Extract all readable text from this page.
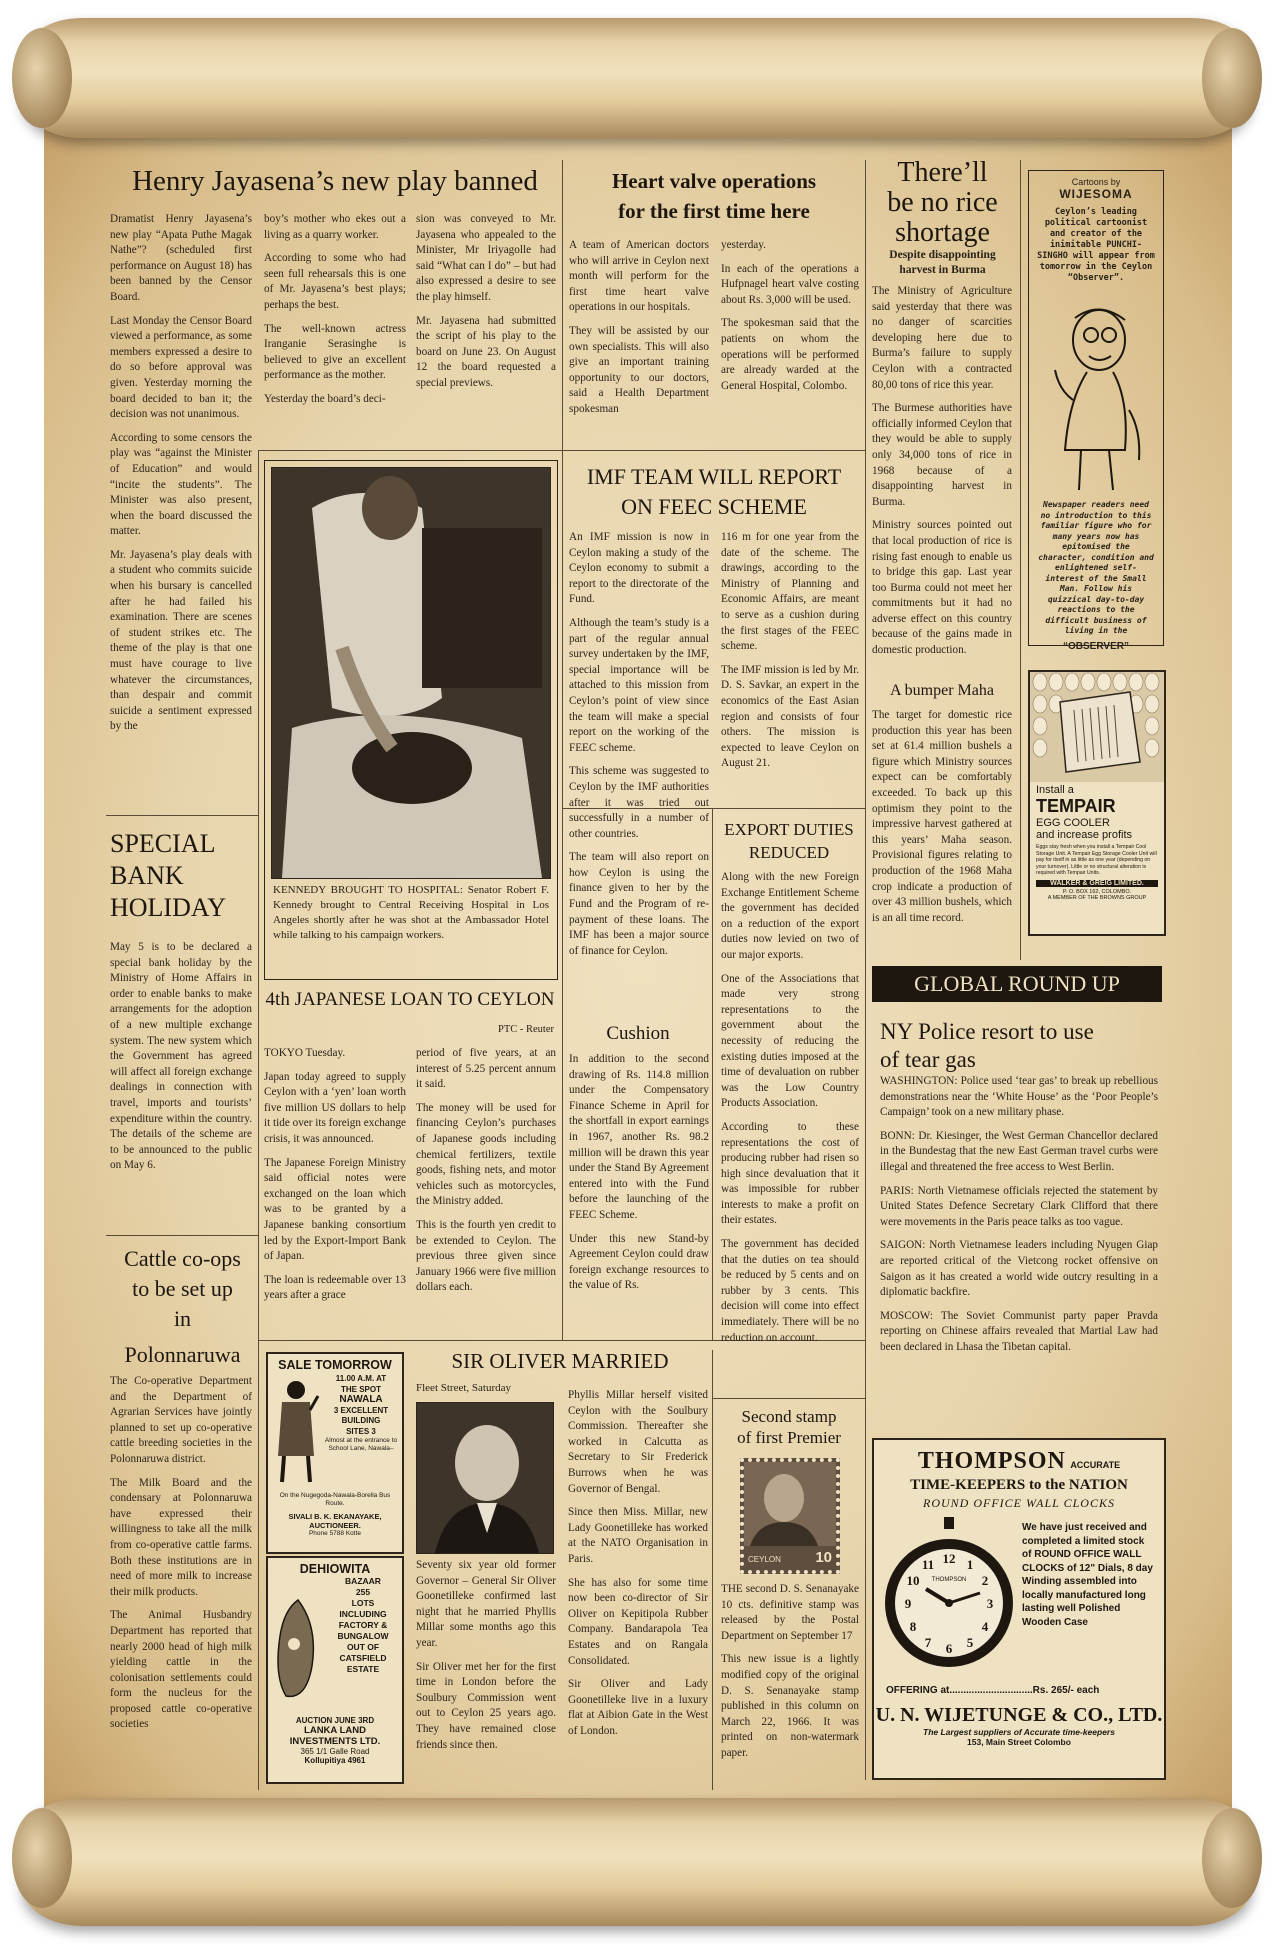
Henry Jayasena’s new play banned

Dramatist Henry Jayasena’s new play “Apata Puthe Magak Nathe”? (scheduled first performance on August 18) has been banned by the Censor Board.

Last Monday the Censor Board viewed a performance, as some members expressed a desire to do so before approval was given. Yesterday morning the board decided to ban it; the decision was not unanimous.

According to some censors the play was “against the Minister of Education” and would “incite the students”. The Minister was also present, when the board discussed the matter.

Mr. Jayasena’s play deals with a student who commits suicide when his bursary is cancelled after he had failed his examination. There are scenes of student strikes etc. The theme of the play is that one must have courage to live whatever the circumstances, than despair and commit suicide a sentiment expressed by the

boy’s mother who ekes out a living as a quarry worker.

According to some who had seen full rehearsals this is one of Mr. Jayasena’s best plays; perhaps the best.

The well-known actress Iranganie Serasinghe is believed to give an excellent performance as the mother.

Yesterday the board’s deci-

sion was conveyed to Mr. Jayasena who appealed to the Minister, Mr Iriyagolle had said “What can I do” – but had also expressed a desire to see the play himself.

Mr. Jayasena had submitted the script of his play to the board on June 23. On August 12 the board requested a special previews.

Heart valve operations
for the first time here

A team of American doctors who will arrive in Ceylon next month will perform for the first time heart valve operations in our hospitals.

They will be assisted by our own specialists. This will also give an important training opportunity to our doctors, said a Health Department spokesman

yesterday.

In each of the operations a Hufpnagel heart valve costing about Rs. 3,000 will be used.

The spokesman said that the patients on whom the operations will be performed are already warded at the General Hospital, Colombo.

There’ll
be no rice
shortage
Despite disappointing
harvest in Burma

The Ministry of Agriculture said yesterday that there was no danger of scarcities developing here due to Burma’s failure to supply Ceylon with a contracted 80,00 tons of rice this year.

The Burmese authorities have officially informed Ceylon that they would be able to supply only 34,000 tons of rice in 1968 because of a disappointing harvest in Burma.

Ministry sources pointed out that local production of rice is rising fast enough to enable us to bridge this gap. Last year too Burma could not meet her commitments but it had no adverse effect on this country because of the gains made in domestic production.

A bumper Maha

The target for domestic rice production this year has been set at 61.4 million bushels a figure which Ministry sources expect can be comfortably exceeded. To back up this optimism they point to the impressive harvest gathered at this years’ Maha season. Provisional figures relating to production of the 1968 Maha crop indicate a production of over 43 million bushels, which is an all time record.

Cartoons by
WIJESOMA
Ceylon’s leading political cartoonist and creator of the inimitable PUNCHI-SINGHO will appear from tomorrow in the Ceylon “Observer”.
Newspaper readers need no introduction to this familiar figure who for many years now has epitomised the character, condition and enlightened self-interest of the Small Man. Follow his quizzical day-to-day reactions to the difficult business of living in the
“OBSERVER”
Install a
TEMPAIR
EGG COOLER
and increase profits
Eggs stay fresh when you install a Tempair Cool Storage Unit. A Tempair Egg Storage Cooler Unit will pay for itself in as little as one year (depending on your turnover). Little or no structural alteration is required with Tempair Units.
WALKER & GREIG LIMITED.
P. O. BOX 162, COLOMBO.
A MEMBER OF THE BROWNS GROUP
KENNEDY BROUGHT TO HOSPITAL: Senator Robert F. Kennedy brought to Central Receiving Hospital in Los Angeles shortly after he was shot at the Ambassador Hotel while talking to his campaign workers.
IMF TEAM WILL REPORT
ON FEEC SCHEME

An IMF mission is now in Ceylon making a study of the Ceylon economy to submit a report to the directorate of the Fund.

Although the team’s study is a part of the regular annual survey undertaken by the IMF, special importance will be attached to this mission from Ceylon’s point of view since the team will make a special report on the working of the FEEC scheme.

This scheme was suggested to Ceylon by the IMF authorities after it was tried out successfully in a number of other countries.

The team will also report on how Ceylon is using the finance given to her by the Fund and the Program of re-payment of these loans. The IMF has been a major source of finance for Ceylon.

116 m for one year from the date of the scheme. The drawings, according to the Ministry of Planning and Economic Affairs, are meant to serve as a cushion during the first stages of the FEEC scheme.

The IMF mission is led by Mr. D. S. Savkar, an expert in the economics of the East Asian region and consists of four others. The mission is expected to leave Ceylon on August 21.

Cushion

In addition to the second drawing of Rs. 114.8 million under the Compensatory Finance Scheme in April for the shortfall in export earnings in 1967, another Rs. 98.2 million will be drawn this year under the Stand By Agreement entered into with the Fund before the launching of the FEEC Scheme.

Under this new Stand-by Agreement Ceylon could draw foreign exchange resources to the value of Rs.

EXPORT DUTIES
REDUCED

Along with the new Foreign Exchange Entitlement Scheme the government has decided on a reduction of the export duties now levied on two of our major exports.

One of the Associations that made very strong representations to the government about the necessity of reducing the existing duties imposed at the time of devaluation on rubber was the Low Country Products Association.

According to these representations the cost of producing rubber had risen so high since devaluation that it was impossible for rubber interests to make a profit on their estates.

The government has decided that the duties on tea should be reduced by 5 cents and on rubber by 3 cents. This decision will come into effect immediately. There will be no reduction on account.

SPECIAL
BANK
HOLIDAY

May 5 is to be declared a special bank holiday by the Ministry of Home Affairs in order to enable banks to make arrangements for the adoption of a new multiple exchange system. The new system which the Government has agreed will affect all foreign exchange dealings in connection with travel, imports and tourists’ expenditure within the country. The details of the scheme are to be announced to the public on May 6.

4th JAPANESE LOAN TO CEYLON
PTC - Reuter

TOKYO Tuesday.

Japan today agreed to supply Ceylon with a ‘yen’ loan worth five million US dollars to help it tide over its foreign exchange crisis, it was announced.

The Japanese Foreign Ministry said official notes were exchanged on the loan which was to be granted by a Japanese banking consortium led by the Export-Import Bank of Japan.

The loan is redeemable over 13 years after a grace

period of five years, at an interest of 5.25 percent annum it said.

The money will be used for financing Ceylon’s purchases of Japanese goods including chemical fertilizers, textile goods, fishing nets, and motor vehicles such as motorcycles, the Ministry added.

This is the fourth yen credit to be extended to Ceylon. The previous three given since January 1966 were five million dollars each.

GLOBAL ROUND UP
NY Police resort to use
of tear gas

WASHINGTON: Police used ‘tear gas’ to break up rebellious demonstrations near the ‘White House’ as the ‘Poor People’s Campaign’ took on a new military phase.

BONN: Dr. Kiesinger, the West German Chancellor declared in the Bundestag that the new East German travel curbs were illegal and threatened the free access to West Berlin.

PARIS: North Vietnamese officials rejected the statement by United States Defence Secretary Clark Clifford that there were movements in the Paris peace talks as too vague.

SAIGON: North Vietnamese leaders including Nyugen Giap are reported critical of the Vietcong rocket offensive on Saigon as it has created a world wide outcry resulting in a diplomatic backfire.

MOSCOW: The Soviet Communist party paper Pravda reporting on Chinese affairs revealed that Martial Law had been declared in Lhasa the Tibetan capital.

Cattle co-ops
to be set up
in
Polonnaruwa

The Co-operative Department and the Department of Agrarian Services have jointly planned to set up co-operative cattle breeding societies in the Polonnaruwa district.

The Milk Board and the condensary at Polonnaruwa have expressed their willingness to take all the milk from co-operative cattle farms. Both these institutions are in need of more milk to increase their milk products.

The Animal Husbandry Department has reported that nearly 2000 head of high milk yielding cattle in the colonisation settlements could form the nucleus for the proposed cattle co-operative societies

SALE TOMORROW
11.00 A.M. AT
THE SPOT
NAWALA
3 EXCELLENT
BUILDING
SITES 3
Almost at the entrance to School Lane, Nawala–
On the Nugegoda-Nawala-Borella Bus Route.
SIVALI B. K. EKANAYAKE,
AUCTIONEER.
Phone 5788 Kotte
DEHIOWITA
BAZAAR
255
LOTS
INCLUDING
FACTORY &
BUNGALOW
OUT OF
CATSFIELD
ESTATE
AUCTION JUNE 3RD
LANKA LAND
INVESTMENTS LTD.
365 1/1 Galle Road
Kollupitiya 4961
SIR OLIVER MARRIED
Fleet Street, Saturday

Seventy six year old former Governor – General Sir Oliver Goonetilleke confirmed last night that he married Phyllis Millar some months ago this year.

Sir Oliver met her for the first time in London before the Soulbury Commission went out to Ceylon 25 years ago. They have remained close friends since then.

Phyllis Millar herself visited Ceylon with the Soulbury Commission. Thereafter she worked in Calcutta as Secretary to Sir Frederick Burrows when he was Governor of Bengal.

Since then Miss. Millar, new Lady Goonetilleke has worked at the NATO Organisation in Paris.

She has also for some time now been co-director of Sir Oliver on Kepitipola Rubber Company. Bandarapola Tea Estates and on Rangala Consolidated.

Sir Oliver and Lady Goonetilleke live in a luxury flat at Aibion Gate in the West of London.

Second stamp
of first Premier
10
CEYLON

THE second D. S. Senanayake 10 cts. definitive stamp was released by the Postal Department on September 17

This new issue is a lightly modified copy of the original D. S. Senanayake stamp published in this column on March 22, 1966. It was printed on non-watermark paper.

THOMPSON ACCURATE
TIME-KEEPERS to the NATION
ROUND OFFICE WALL CLOCKS
12 1
2
3
4
5
6
7
8
9
10
11
THOMPSON
We have just received and completed a limited stock of ROUND OFFICE WALL CLOCKS of 12" Dials, 8 day Winding assembled into locally manufactured long lasting well Polished Wooden Case
OFFERING at..............................Rs. 265/- each
U. N. WIJETUNGE & CO., LTD.
The Largest suppliers of Accurate time-keepers
153, Main Street Colombo
